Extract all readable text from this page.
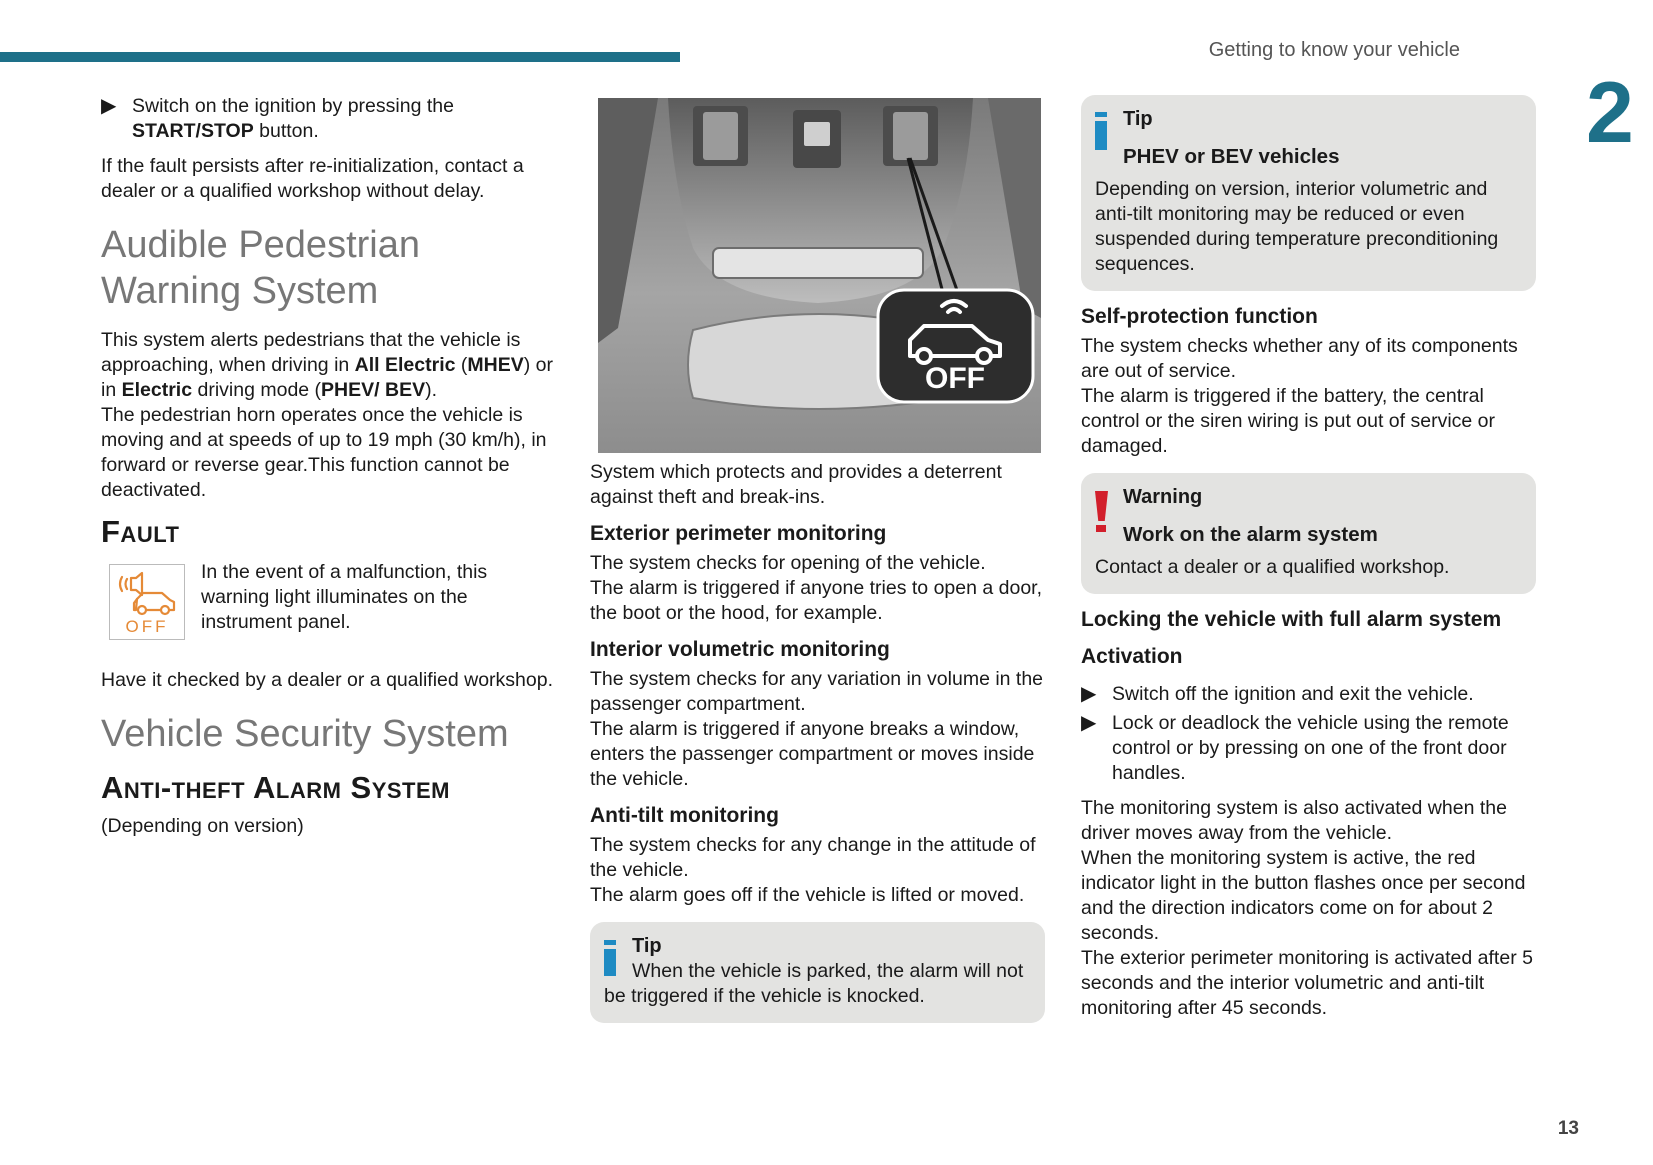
Getting to know your vehicle
2
▶ Switch on the ignition by pressing the
START/STOP button.

If the fault persists after re-initialization, contact a dealer or a qualified workshop without delay.

Audible Pedestrian
Warning System

This system alerts pedestrians that the vehicle is approaching, when driving in All Electric (MHEV) or in Electric driving mode (PHEV/ BEV).

The pedestrian horn operates once the vehicle is moving and at speeds of up to 19 mph (30 km/h), in forward or reverse gear.This function cannot be deactivated.

Fault
OFF

In the event of a malfunction, this warning light illuminates on the instrument panel.

Have it checked by a dealer or a qualified workshop.

Vehicle Security System
Anti-theft Alarm System

(Depending on version)

OFF

System which protects and provides a deterrent against theft and break-ins.

Exterior perimeter monitoring

The system checks for opening of the vehicle.

The alarm is triggered if anyone tries to open a door, the boot or the hood, for example.

Interior volumetric monitoring

The system checks for any variation in volume in the passenger compartment.

The alarm is triggered if anyone breaks a window, enters the passenger compartment or moves inside the vehicle.

Anti-tilt monitoring

The system checks for any change in the attitude of the vehicle.

The alarm goes off if the vehicle is lifted or moved.

Tip

When the vehicle is parked, the alarm will not be triggered if the vehicle is knocked.

Tip
PHEV or BEV vehicles

Depending on version, interior volumetric and anti-tilt monitoring may be reduced or even suspended during temperature preconditioning sequences.

Self-protection function

The system checks whether any of its components are out of service.

The alarm is triggered if the battery, the central control or the siren wiring is put out of service or damaged.

Warning
Work on the alarm system

Contact a dealer or a qualified workshop.

Locking the vehicle with full alarm system
Activation
▶ Switch off the ignition and exit the vehicle.
▶ Lock or deadlock the vehicle using the remote control or by pressing on one of the front door handles.

The monitoring system is also activated when the driver moves away from the vehicle.

When the monitoring system is active, the red indicator light in the button flashes once per second and the direction indicators come on for about 2 seconds.

The exterior perimeter monitoring is activated after 5 seconds and the interior volumetric and anti-tilt monitoring after 45 seconds.

13
